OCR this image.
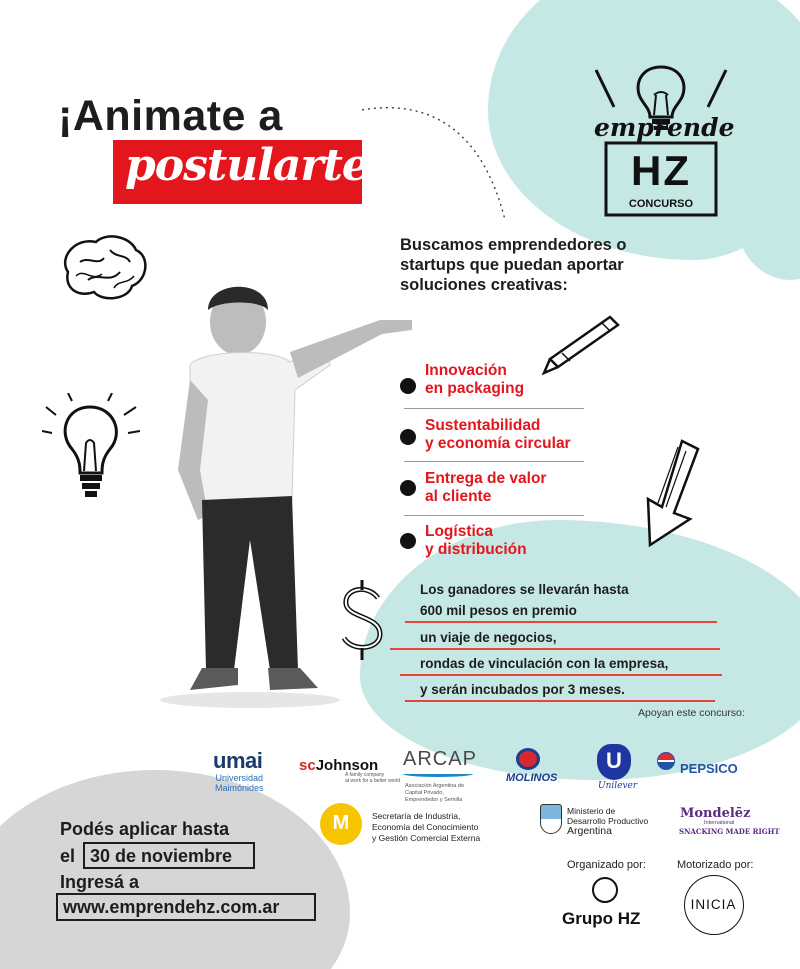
¡Animate a
postularte!
emprende
HZ
CONCURSO
Buscamos emprendedores o startups que puedan aportar soluciones creativas:
Innovación
en packaging
Sustentabilidad
y economía circular
Entrega de valor
al cliente
Logística
y distribución
Los ganadores se llevarán hasta
600 mil pesos en premio
un viaje de negocios,
rondas de vinculación con la empresa,
y serán incubados por 3 meses.
Apoyan este concurso:
umai
Universidad
Maimónides
scJohnson
A family company
at work for a better world
ARCAP
Asociación Argentina de
Capital Privado,
Emprendedor y Semilla
MOLINOS
U
Unilever
PEPSICO
M	Secretaría de Industria,
Economía del Conocimiento
y Gestión Comercial Externa
Ministerio de
Desarrollo Productivo
Argentina
Mondelēz
International
SNACKING MADE RIGHT
Organizado por:	Motorizado por:
Grupo HZ
INICIA
Podés aplicar hasta
el 30 de noviembre
Ingresá a
www.emprendehz.com.ar
